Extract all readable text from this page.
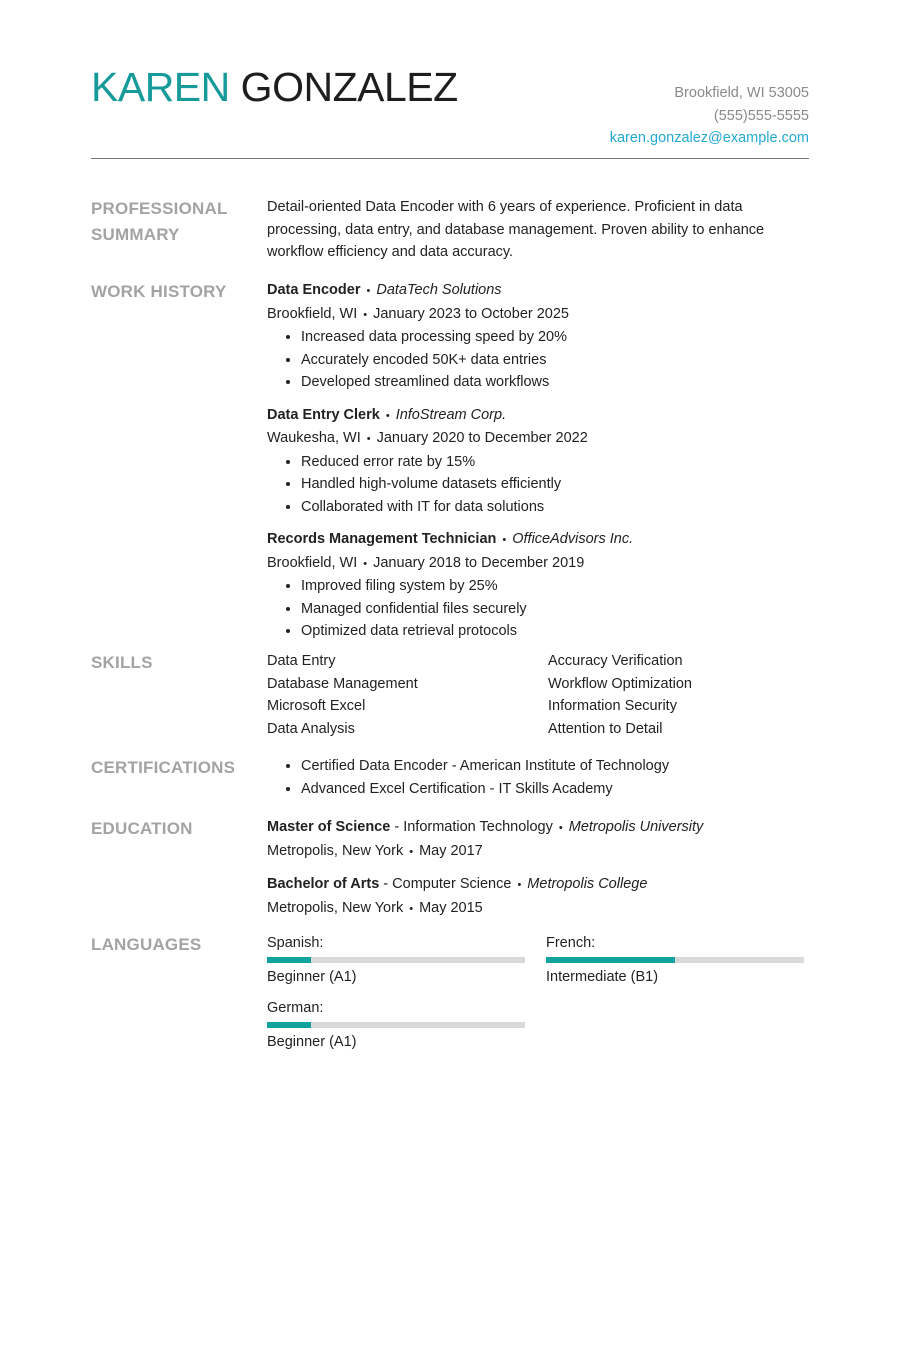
KAREN GONZALEZ	Brookfield, WI 53005
(555)555-5555
karen.gonzalez@example.com
PROFESSIONAL SUMMARY
Detail-oriented Data Encoder with 6 years of experience. Proficient in data processing, data entry, and database management. Proven ability to enhance workflow efficiency and data accuracy.
WORK HISTORY	Data Encoder • DataTech Solutions
Brookfield, WI • January 2023 to October 2025
• Increased data processing speed by 20%
• Accurately encoded 50K+ data entries
• Developed streamlined data workflows
Data Entry Clerk • InfoStream Corp.
Waukesha, WI • January 2020 to December 2022
• Reduced error rate by 15%
• Handled high-volume datasets efficiently
• Collaborated with IT for data solutions
Records Management Technician • OfficeAdvisors Inc.
Brookfield, WI • January 2018 to December 2019
• Improved filing system by 25%
• Managed confidential files securely
• Optimized data retrieval protocols
SKILLS	Data Entry
Database Management
Microsoft Excel
Data Analysis
Accuracy Verification
Workflow Optimization
Information Security
Attention to Detail
CERTIFICATIONS
•	Certified Data Encoder - American Institute of Technology
• Advanced Excel Certification - IT Skills Academy
EDUCATION	Master of Science - Information Technology • Metropolis University
Metropolis, New York • May 2017
Bachelor of Arts - Computer Science • Metropolis College
Metropolis, New York • May 2015
LANGUAGES	Spanish:
Beginner (A1)
French:
Intermediate (B1)
German:
Beginner (A1)
